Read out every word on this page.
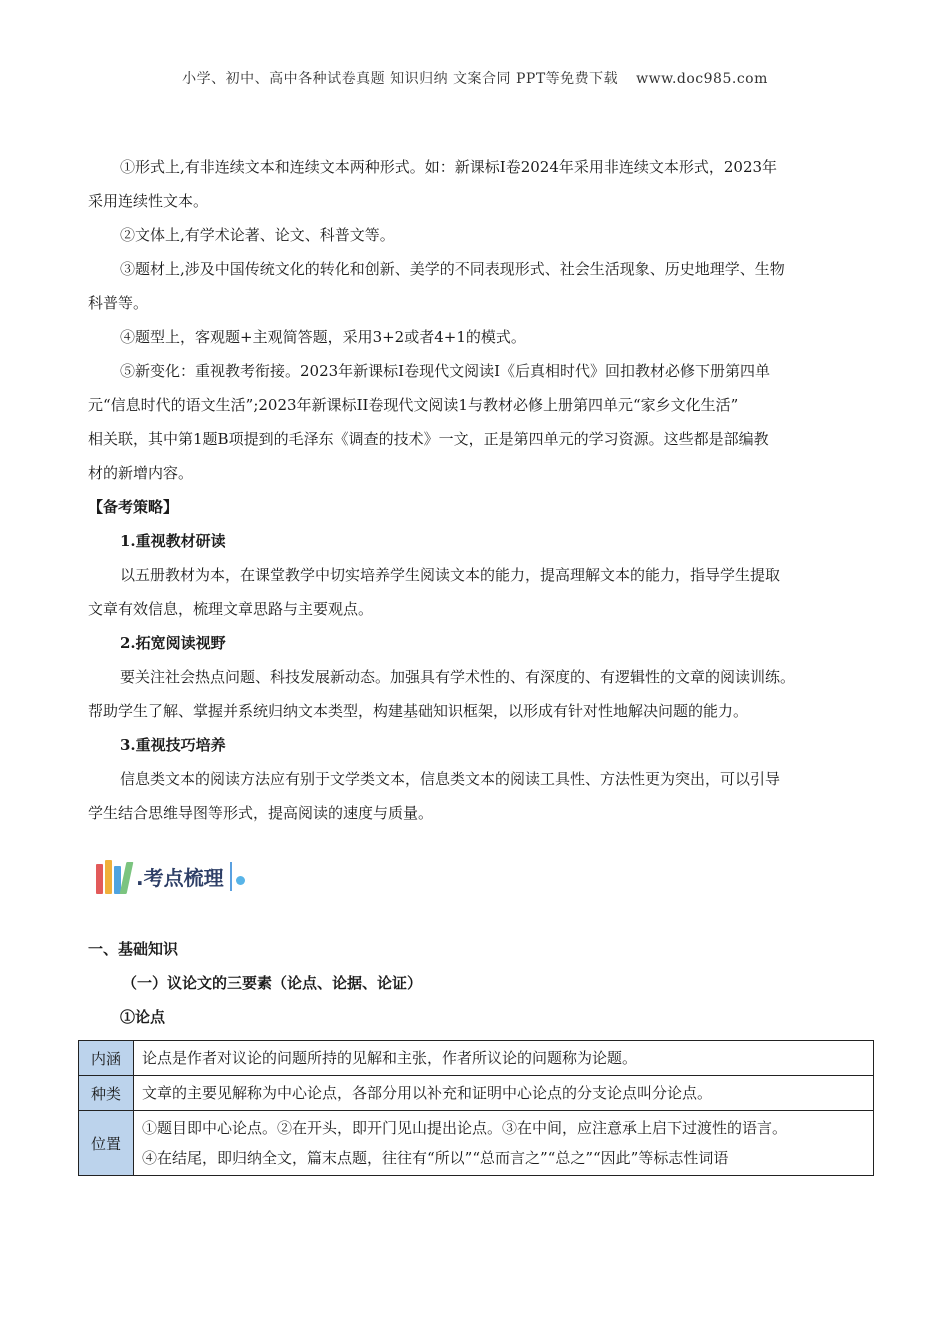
小学、初中、高中各种试卷真题 知识归纳 文案合同 PPT等免费下载 www.doc985.com

①形式上,有非连续文本和连续文本两种形式。如：新课标Ⅰ卷2024年采用非连续文本形式，2023年

采用连续性文本。

②文体上,有学术论著、论文、科普文等。

③题材上,涉及中国传统文化的转化和创新、美学的不同表现形式、社会生活现象、历史地理学、生物

科普等。

④题型上，客观题+主观简答题，采用3+2或者4+1的模式。

⑤新变化：重视教考衔接。2023年新课标I卷现代文阅读I《后真相时代》回扣教材必修下册第四单

元“信息时代的语文生活”;2023年新课标II卷现代文阅读1与教材必修上册第四单元“家乡文化生活”

相关联，其中第1题B项提到的毛泽东《调查的技术》一文，正是第四单元的学习资源。这些都是部编教

材的新增内容。

【备考策略】

1.重视教材研读

以五册教材为本，在课堂教学中切实培养学生阅读文本的能力，提高理解文本的能力，指导学生提取

文章有效信息，梳理文章思路与主要观点。

2.拓宽阅读视野

要关注社会热点问题、科技发展新动态。加强具有学术性的、有深度的、有逻辑性的文章的阅读训练。

帮助学生了解、掌握并系统归纳文本类型，构建基础知识框架，以形成有针对性地解决问题的能力。

3.重视技巧培养

信息类文本的阅读方法应有别于文学类文本，信息类文本的阅读工具性、方法性更为突出，可以引导

学生结合思维导图等形式，提高阅读的速度与质量。

.考点梳理

一、基础知识

（一）议论文的三要素（论点、论据、论证）

①论点

内涵	论点是作者对议论的问题所持的见解和主张，作者所议论的问题称为论题。
种类	文章的主要见解称为中心论点，各部分用以补充和证明中心论点的分支论点叫分论点。
位置	①题目即中心论点。②在开头，即开门见山提出论点。③在中间，应注意承上启下过渡性的语言。
④在结尾，即归纳全文，篇末点题，往往有“所以”“总而言之”“总之”“因此”等标志性词语
